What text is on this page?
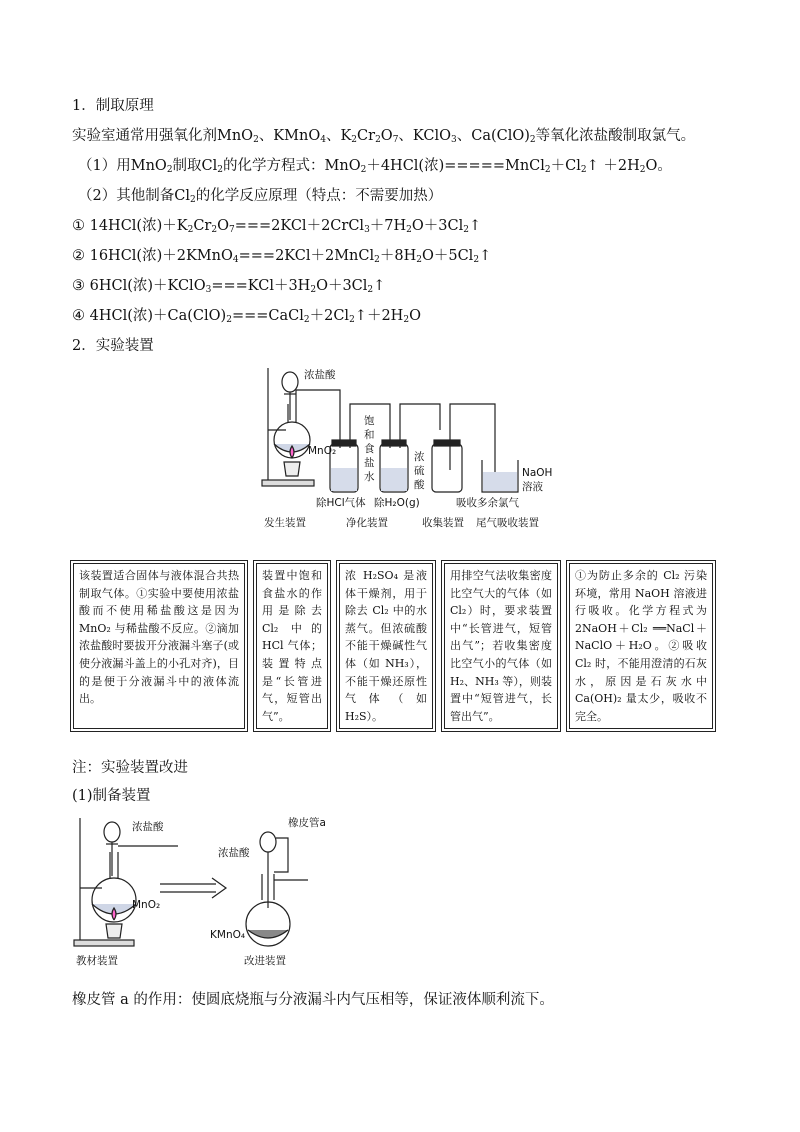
1．制取原理
实验室通常用强氧化剂MnO$_2$、KMnO$_4$、$K_2Cr_2O_7$、KClO$_3$、$Ca(ClO)_2$等氧化浓盐酸制取氯气。
（1）用MnO$_2$制取$Cl_2$的化学方程式：MnO$_2$＋4HCl(浓)$=====MnCl_2+Cl_2↑ +2H_2O$。
（2）其他制备$Cl_2$的化学反应原理（特点：不需要加热）
① 14HCl(浓)$+K_2Cr_2O_7===2KCl+2CrCl_3+7H_2O+3Cl_2↑$
② 16HCl(浓)$+2KMnO_4===2KCl+2MnCl_2+8H_2O+5Cl_2↑$
③ 6HCl(浓)$+KClO_3===KCl+3H_2O+3Cl_2↑$
④ 4HCl(浓)$+Ca(ClO)_2===CaCl_2+2Cl_2↑+2H_2O$
2．实验装置
浓盐酸
MnO₂
饱
和
食
盐
水
浓
硫
酸
NaOH
溶液
除HCl气体 除H₂O(g)	吸收多余氯气
发生装置	净化装置	收集装置 尾气吸收装置
该装置适合固体与液体混合共热制取气体。①实验中要使用浓盐酸而不使用稀盐酸这是因为 MnO₂ 与稀盐酸不反应。②滴加浓盐酸时要拔开分液漏斗塞子(或使分液漏斗盖上的小孔对齐)，目的是便于分液漏斗中的液体流出。
装置中饱和食盐水的作用是除去 Cl₂ 中的 HCl 气体；装置特点是“长管进气，短管出气”。
浓 H₂SO₄ 是液体干燥剂，用于除去 Cl₂ 中的水蒸气。但浓硫酸不能干燥碱性气体（如 NH₃），不能干燥还原性气体（如 H₂S）。
用排空气法收集密度比空气大的气体（如 Cl₂）时，要求装置中“长管进气，短管出气”；若收集密度比空气小的气体（如 H₂、NH₃ 等），则装置中“短管进气，长管出气”。
①为防止多余的 Cl₂ 污染环境，常用 NaOH 溶液进行吸收。化学方程式为 2NaOH＋Cl₂ ══NaCl＋NaClO＋H₂O。②吸收 Cl₂ 时，不能用澄清的石灰水，原因是石灰水中 Ca(OH)₂ 量太少，吸收不完全。
注：实验装置改进
(1)制备装置
浓盐酸
MnO₂
浓盐酸
橡皮管a
KMnO₄
教材装置	改进装置
橡皮管 a 的作用：使圆底烧瓶与分液漏斗内气压相等，保证液体顺利流下。
